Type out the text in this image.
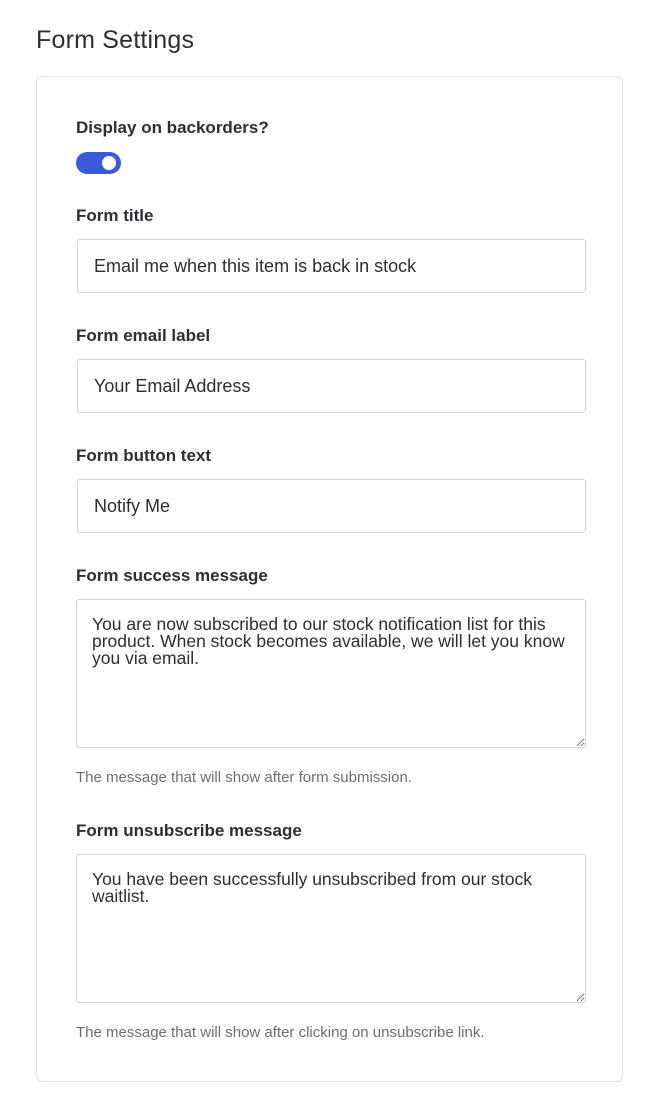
Form Settings

Display on backorders?

Form title

Email me when this item is back in stock

Form email label

Your Email Address

Form button text

Notify Me

Form success message

You are now subscribed to our stock notification list for this product. When stock becomes available, we will let you know you via email.

The message that will show after form submission.

Form unsubscribe message

You have been successfully unsubscribed from our stock waitlist.

The message that will show after clicking on unsubscribe link.
